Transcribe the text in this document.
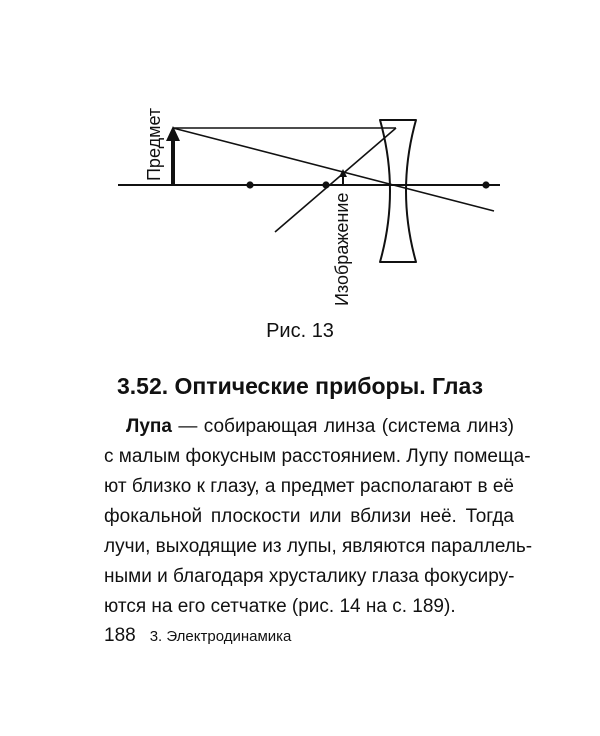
Предмет
Изображение
Рис. 13
3.52. Оптические приборы. Глаз
Лупа — собирающая линза (система линз)
с малым фокусным расстоянием. Лупу помеща-
ют близко к глазу, а предмет располагают в её
фокальной плоскости или вблизи неё. Тогда
лучи, выходящие из лупы, являются параллель-
ными и благодаря хрусталику глаза фокусиру-
ются на его сетчатке (рис. 14 на с. 189).
188 3. Электродинамика
